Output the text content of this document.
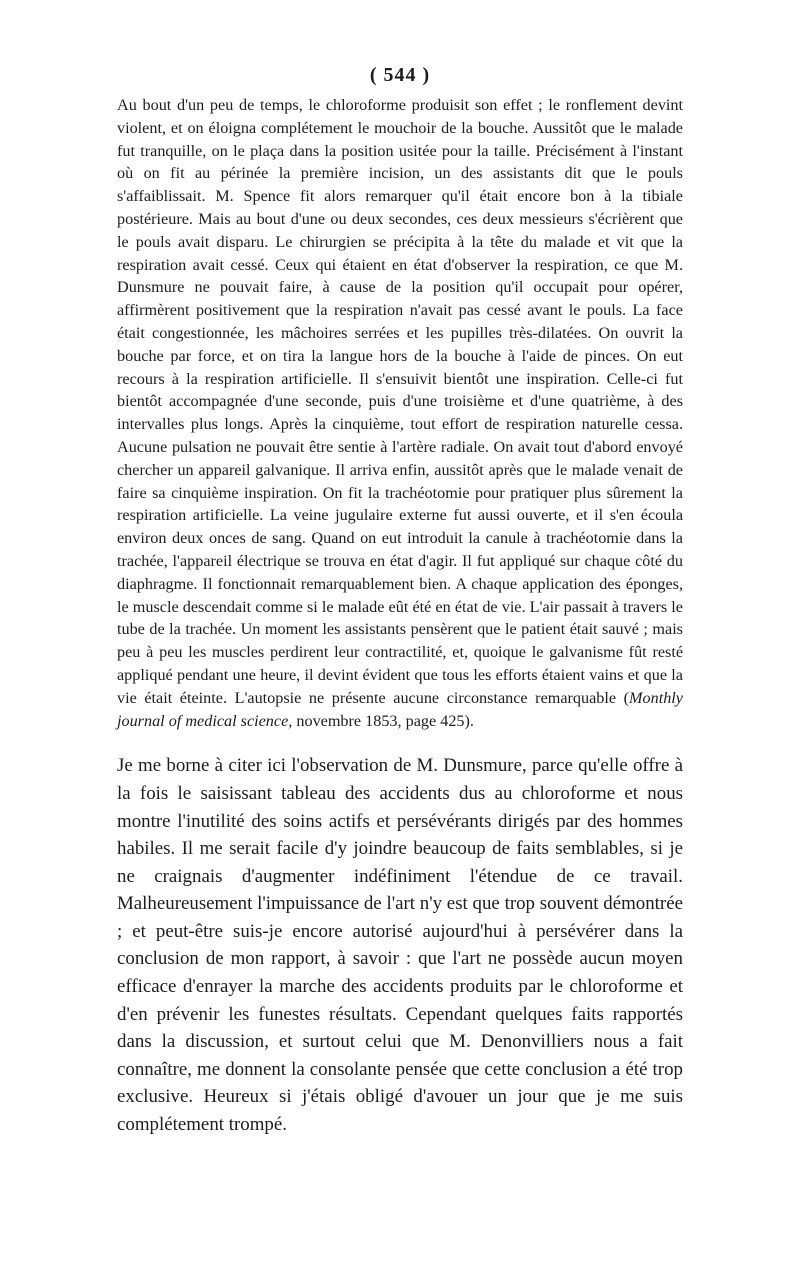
( 544 )

Au bout d'un peu de temps, le chloroforme produisit son effet ; le ronflement devint violent, et on éloigna complétement le mouchoir de la bouche. Aussitôt que le malade fut tranquille, on le plaça dans la position usitée pour la taille. Précisément à l'instant où on fit au périnée la première incision, un des assistants dit que le pouls s'affaiblissait. M. Spence fit alors remarquer qu'il était encore bon à la tibiale postérieure. Mais au bout d'une ou deux secondes, ces deux messieurs s'écrièrent que le pouls avait disparu. Le chirurgien se précipita à la tête du malade et vit que la respiration avait cessé. Ceux qui étaient en état d'observer la respiration, ce que M. Dunsmure ne pouvait faire, à cause de la position qu'il occupait pour opérer, affirmèrent positivement que la respiration n'avait pas cessé avant le pouls. La face était congestionnée, les mâchoires serrées et les pupilles très-dilatées. On ouvrit la bouche par force, et on tira la langue hors de la bouche à l'aide de pinces. On eut recours à la respiration artificielle. Il s'ensuivit bientôt une inspiration. Celle-ci fut bientôt accompagnée d'une seconde, puis d'une troisième et d'une quatrième, à des intervalles plus longs. Après la cinquième, tout effort de respiration naturelle cessa. Aucune pulsation ne pouvait être sentie à l'artère radiale. On avait tout d'abord envoyé chercher un appareil galvanique. Il arriva enfin, aussitôt après que le malade venait de faire sa cinquième inspiration. On fit la trachéotomie pour pratiquer plus sûrement la respiration artificielle. La veine jugulaire externe fut aussi ouverte, et il s'en écoula environ deux onces de sang. Quand on eut introduit la canule à trachéotomie dans la trachée, l'appareil électrique se trouva en état d'agir. Il fut appliqué sur chaque côté du diaphragme. Il fonctionnait remarquablement bien. A chaque application des éponges, le muscle descendait comme si le malade eût été en état de vie. L'air passait à travers le tube de la trachée. Un moment les assistants pensèrent que le patient était sauvé ; mais peu à peu les muscles perdirent leur contractilité, et, quoique le galvanisme fût resté appliqué pendant une heure, il devint évident que tous les efforts étaient vains et que la vie était éteinte. L'autopsie ne présente aucune circonstance remarquable (Monthly journal of medical science, novembre 1853, page 425).

Je me borne à citer ici l'observation de M. Dunsmure, parce qu'elle offre à la fois le saisissant tableau des accidents dus au chloroforme et nous montre l'inutilité des soins actifs et persévérants dirigés par des hommes habiles. Il me serait facile d'y joindre beaucoup de faits semblables, si je ne craignais d'augmenter indéfiniment l'étendue de ce travail. Malheureusement l'impuissance de l'art n'y est que trop souvent démontrée ; et peut-être suis-je encore autorisé aujourd'hui à persévérer dans la conclusion de mon rapport, à savoir : que l'art ne possède aucun moyen efficace d'enrayer la marche des accidents produits par le chloroforme et d'en prévenir les funestes résultats. Cependant quelques faits rapportés dans la discussion, et surtout celui que M. Denonvilliers nous a fait connaître, me donnent la consolante pensée que cette conclusion a été trop exclusive. Heureux si j'étais obligé d'avouer un jour que je me suis complétement trompé.
